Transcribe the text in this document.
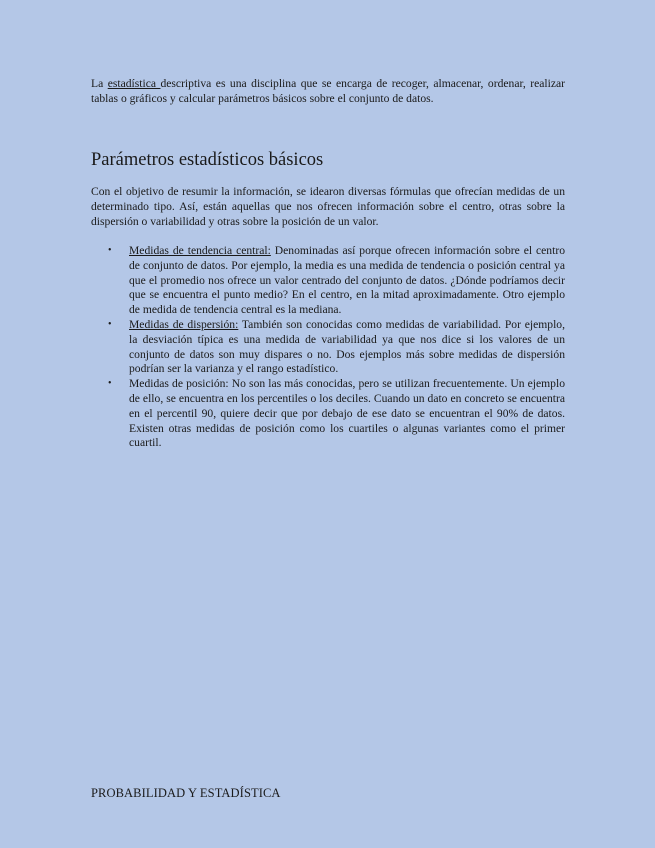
La estadística descriptiva es una disciplina que se encarga de recoger, almacenar, ordenar, realizar tablas o gráficos y calcular parámetros básicos sobre el conjunto de datos.

Parámetros estadísticos básicos

Con el objetivo de resumir la información, se idearon diversas fórmulas que ofrecían medidas de un determinado tipo. Así, están aquellas que nos ofrecen información sobre el centro, otras sobre la dispersión o variabilidad y otras sobre la posición de un valor.

• Medidas de tendencia central: Denominadas así porque ofrecen información sobre el centro de conjunto de datos. Por ejemplo, la media es una medida de tendencia o posición central ya que el promedio nos ofrece un valor centrado del conjunto de datos. ¿Dónde podríamos decir que se encuentra el punto medio? En el centro, en la mitad aproximadamente. Otro ejemplo de medida de tendencia central es la mediana.
• Medidas de dispersión: También son conocidas como medidas de variabilidad. Por ejemplo, la desviación típica es una medida de variabilidad ya que nos dice si los valores de un conjunto de datos son muy dispares o no. Dos ejemplos más sobre medidas de dispersión podrían ser la varianza y el rango estadístico.
• Medidas de posición: No son las más conocidas, pero se utilizan frecuentemente. Un ejemplo de ello, se encuentra en los percentiles o los deciles. Cuando un dato en concreto se encuentra en el percentil 90, quiere decir que por debajo de ese dato se encuentran el 90% de datos. Existen otras medidas de posición como los cuartiles o algunas variantes como el primer cuartil.
PROBABILIDAD Y ESTADÍSTICA
